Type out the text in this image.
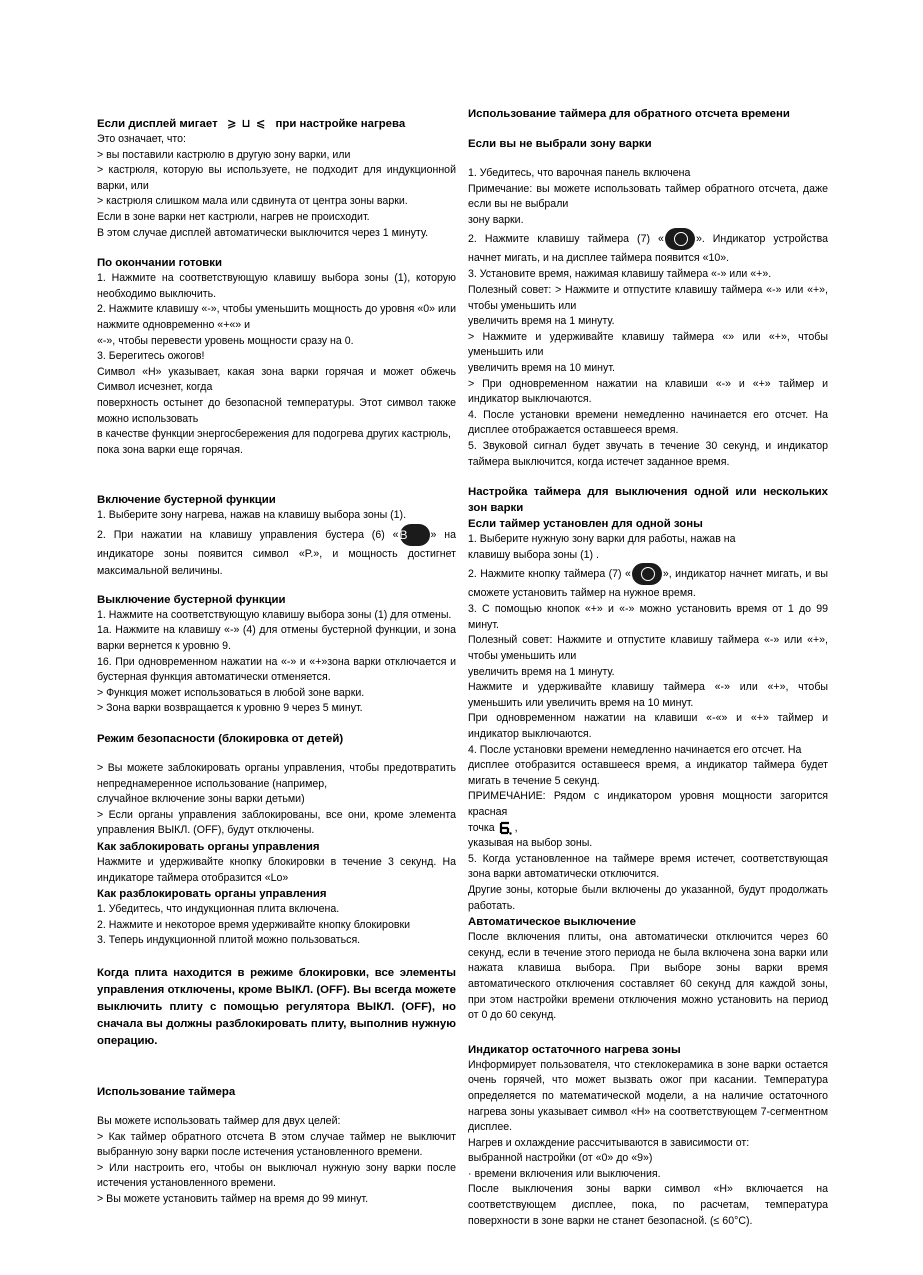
Если дисплей мигает ⩾ ⊔ ⩽ при настройке нагрева
Это означает, что:
> вы поставили кастрюлю в другую зону варки, или
> кастрюля, которую вы используете, не подходит для индукционной варки, или
> кастрюля слишком мала или сдвинута от центра зоны варки.
Если в зоне варки нет кастрюли, нагрев не происходит.
В этом случае дисплей автоматически выключится через 1 минуту.
По окончании готовки
1. Нажмите на соответствующую клавишу выбора зоны (1), которую необходимо выключить.
2. Нажмите клавишу «-», чтобы уменьшить мощность до уровня «0» или нажмите одновременно «+«» и
«-», чтобы перевести уровень мощности сразу на 0.
3. Берегитесь ожогов!
Символ «H» указывает, какая зона варки горячая и может обжечь Символ исчезнет, когда
поверхность остынет до безопасной температуры. Этот символ также можно использовать
в качестве функции энергосбережения для подогрева других кастрюль,
пока зона варки еще горячая.
Включение бустерной функции
1. Выберите зону нагрева, нажав на клавишу выбора зоны (1).
2. При нажатии на клавишу управления бустера (6) « B	» на индикаторе зоны появится символ «P.», и мощность достигнет максимальной величины.
Выключение бустерной функции
1. Нажмите на соответствующую клавишу выбора зоны (1) для отмены.
1а. Нажмите на клавишу «-» (4) для отмены бустерной функции, и зона варки вернется к уровню 9.
16. При одновременном нажатии на «-» и «+»зона варки отключается и бустерная функция автоматически отменяется.
> Функция может использоваться в любой зоне варки.
> Зона варки возвращается к уровню 9 через 5 минут.
Режим безопасности (блокировка от детей)
> Вы можете заблокировать органы управления, чтобы предотвратить непреднамеренное использование (например,
случайное включение зоны варки детьми)
> Если органы управления заблокированы, все они, кроме элемента управления ВЫКЛ. (OFF), будут отключены.
Как заблокировать органы управления
Нажмите и удерживайте кнопку блокировки в течение 3 секунд. На индикаторе таймера отобразится «Lo»
Как разблокировать органы управления
1. Убедитесь, что индукционная плита включена.
2. Нажмите и некоторое время удерживайте кнопку блокировки
3. Теперь индукционной плитой можно пользоваться.
Когда плита находится в режиме блокировки, все элементы управления отключены, кроме ВЫКЛ. (OFF). Вы всегда можете выключить плиту с помощью регулятора ВЫКЛ. (OFF), но сначала вы должны разблокировать плиту, выполнив нужную операцию.
Использование таймера
Вы можете использовать таймер для двух целей:
> Как таймер обратного отсчета В этом случае таймер не выключит выбранную зону варки после истечения установленного времени.
> Или настроить его, чтобы он выключал нужную зону варки после истечения установленного времени.
> Вы можете установить таймер на время до 99 минут.
Использование таймера для обратного отсчета времени
Если вы не выбрали зону варки
1. Убедитесь, что варочная панель включена
Примечание: вы можете использовать таймер обратного отсчета, даже если вы не выбрали
зону варки.
2. Нажмите клавишу таймера (7) «	». Индикатор устройства начнет мигать, и на дисплее таймера появится «10».
3. Установите время, нажимая клавишу таймера «-» или «+».
Полезный совет: > Нажмите и отпустите клавишу таймера «-» или «+», чтобы уменьшить или
увеличить время на 1 минуту.
> Нажмите и удерживайте клавишу таймера «» или «+», чтобы уменьшить или
увеличить время на 10 минут.
> При одновременном нажатии на клавиши «-» и «+» таймер и индикатор выключаются.
4. После установки времени немедленно начинается его отсчет. На дисплее отображается оставшееся время.
5. Звуковой сигнал будет звучать в течение 30 секунд, и индикатор таймера выключится, когда истечет заданное время.
Настройка таймера для выключения одной или нескольких зон варки
Если таймер установлен для одной зоны
1. Выберите нужную зону варки для работы, нажав на
клавишу выбора зоны (1) .
2. Нажмите кнопку таймера (7) «	», индикатор начнет мигать, и вы сможете установить таймер на нужное время.
3. С помощью кнопок «+» и «-» можно установить время от 1 до 99 минут.
Полезный совет: Нажмите и отпустите клавишу таймера «-» или «+», чтобы уменьшить или
увеличить время на 1 минуту.
Нажмите и удерживайте клавишу таймера «-» или «+», чтобы уменьшить или увеличить время на 10 минут.
При одновременном нажатии на клавиши «-«» и «+» таймер и индикатор выключаются.
4. После установки времени немедленно начинается его отсчет. На
дисплее отобразится оставшееся время, а индикатор таймера будет мигать в течение 5 секунд.
ПРИМЕЧАНИЕ: Рядом с индикатором уровня мощности загорится красная
точка ,
указывая на выбор зоны.
5. Когда установленное на таймере время истечет, соответствующая зона варки автоматически отключится.
Другие зоны, которые были включены до указанной, будут продолжать работать.
Автоматическое выключение
После включения плиты, она автоматически отключится через 60 секунд, если в течение этого периода не была включена зона варки или нажата клавиша выбора. При выборе зоны варки время автоматического отключения составляет 60 секунд для каждой зоны, при этом настройки времени отключения можно установить на период от 0 до 60 секунд.
Индикатор остаточного нагрева зоны
Информирует пользователя, что стеклокерамика в зоне варки остается очень горячей, что может вызвать ожог при касании. Температура определяется по математической модели, а на наличие остаточного нагрева зоны указывает символ «H» на соответствующем 7-сегментном дисплее.
Нагрев и охлаждение рассчитываются в зависимости от:
выбранной настройки (от «0» до «9»)
· времени включения или выключения.
После выключения зоны варки символ «H» включается на соответствующем дисплее, пока, по расчетам, температура поверхности в зоне варки не станет безопасной. (≤ 60°C).
